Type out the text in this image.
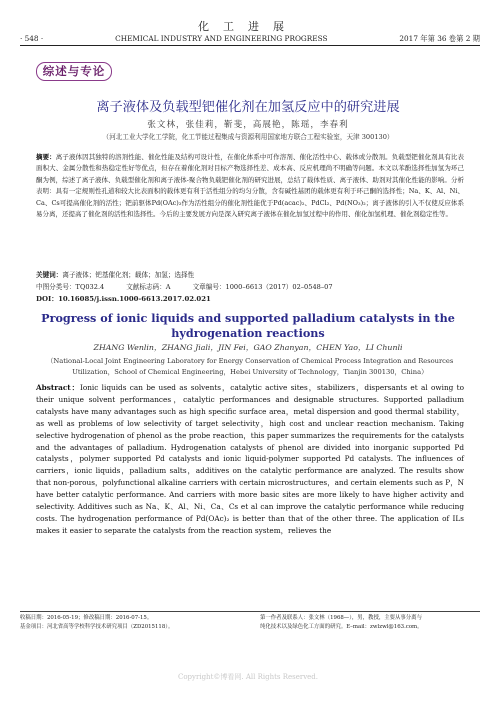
化工进展
· 548 ·	CHEMICAL INDUSTRY AND ENGINEERING PROGRESS	2017 年第 36 卷第 2 期
综述与专论
离子液体及负载型钯催化剂在加氢反应中的研究进展
张文林，张佳莉，靳斐，高展艳，陈瑶，李春利
（河北工业大学化工学院，化工节能过程集成与资源利用国家地方联合工程实验室，天津 300130）
摘要：离子液体因其独特的溶剂性能、催化性能及结构可设计性，在催化体系中可作溶剂、催化活性中心、载体或分散剂。负载型钯催化剂具有比表面积大、金属分散性和热稳定性好等优点，但存在着催化剂对目标产物选择性差、成本高、反应机理尚不明确等问题。本文以苯酚选择性加氢为环己酮为例，综述了离子液体、负载型催化剂和离子液体-聚合物负载钯催化剂的研究进展，总结了载体性质、离子液体、助剂对其催化性能的影响。分析表明：具有一定规则性孔道和较大比表面积的载体更有利于活性组分的均匀分散，含有碱性基团的载体更有利于环己酮的选择性；Na、K、Al、Ni、Ca、Cs可提高催化剂的活性；钯前驱体Pd(OAc)₂作为活性组分的催化剂性能优于Pd(acac)₂、PdCl₂、Pd(NO₃)₂；离子液体的引入不仅使反应体系易分离，还提高了催化剂的活性和选择性。今后的主要发展方向是深入研究离子液体在催化加氢过程中的作用、催化加氢机理、催化剂稳定性等。
关键词：离子液体；钯基催化剂；载体；加氢；选择性
中图分类号：TQ032.4	文献标志码：A	文章编号：1000–6613（2017）02–0548–07
DOI：10.16085/j.issn.1000-6613.2017.02.021
Progress of ionic liquids and supported palladium catalysts in the
hydrogenation reactions
ZHANG Wenlin，ZHANG Jiali，JIN Fei，GAO Zhanyan，CHEN Yao，LI Chunli
（National-Local Joint Engineering Laboratory for Energy Conservation of Chemical Process Integration and Resources Utilization，School of Chemical Engineering，Hebei University of Technology，Tianjin 300130，China）
Abstract：Ionic liquids can be used as solvents，catalytic active sites，stabilizers，dispersants et al owing to their unique solvent performances，catalytic performances and designable structures. Supported palladium catalysts have many advantages such as high specific surface area，metal dispersion and good thermal stability，as well as problems of low selectivity of target selectivity，high cost and unclear reaction mechanism. Taking selective hydrogenation of phenol as the probe reaction，this paper summarizes the requirements for the catalysts and the advantages of palladium. Hydrogenation catalysts of phenol are divided into inorganic supported Pd catalysts，polymer supported Pd catalysts and ionic liquid-polymer supported Pd catalysts. The influences of carriers，ionic liquids，palladium salts，additives on the catalytic performance are analyzed. The results show that non-porous，polyfunctional alkaline carriers with certain microstructures，and certain elements such as P，N have better catalytic performance. And carriers with more basic sites are more likely to have higher activity and selectivity. Additives such as Na、K、Al、Ni、Ca、Cs et al can improve the catalytic performance while reducing costs. The hydrogenation performance of Pd(OAc)₂ is better than that of the other three. The application of ILs makes it easier to separate the catalysts from the reaction system，relieves the
收稿日期：2016-05-19；修改稿日期：2016-07-15。
基金项目：河北省高等学校科学技术研究项目（ZD2015118）。
第一作者及联系人：张文林（1968—），男，教授，主要从事分离与
纯化技术以及绿色化工方面的研究。E–mail：zwlzwl@163.com。
Copyright©博看网. All Rights Reserved.
